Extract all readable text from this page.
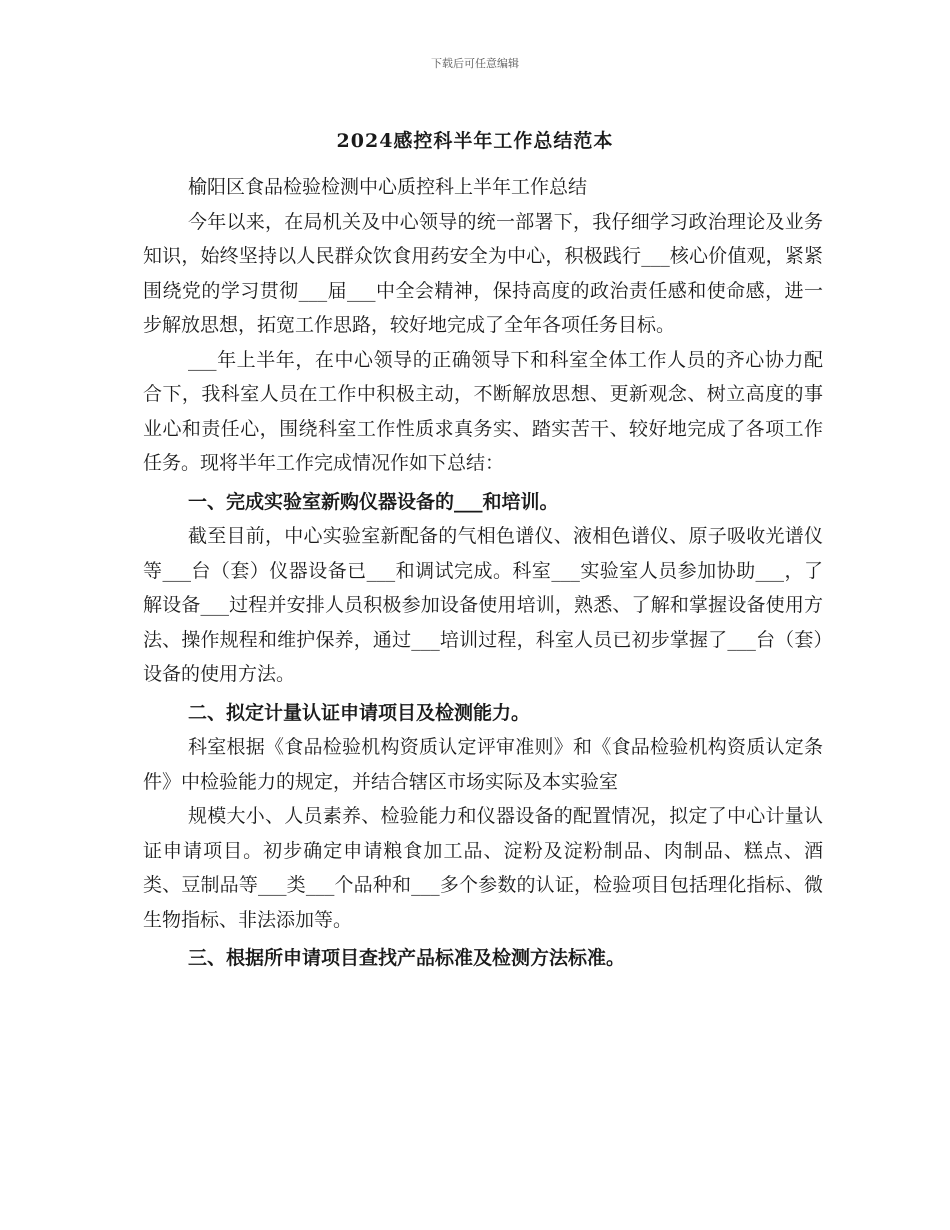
下载后可任意编辑
2024感控科半年工作总结范本

榆阳区食品检验检测中心质控科上半年工作总结

今年以来，在局机关及中心领导的统一部署下，我仔细学习政治理论及业务知识，始终坚持以人民群众饮食用药安全为中心，积极践行___核心价值观，紧紧围绕党的学习贯彻___届___中全会精神，保持高度的政治责任感和使命感，进一步解放思想，拓宽工作思路，较好地完成了全年各项任务目标。

___年上半年，在中心领导的正确领导下和科室全体工作人员的齐心协力配合下，我科室人员在工作中积极主动，不断解放思想、更新观念、树立高度的事业心和责任心，围绕科室工作性质求真务实、踏实苦干、较好地完成了各项工作任务。现将半年工作完成情况作如下总结：

一、完成实验室新购仪器设备的___和培训。

截至目前，中心实验室新配备的气相色谱仪、液相色谱仪、原子吸收光谱仪等___台（套）仪器设备已___和调试完成。科室___实验室人员参加协助___，了解设备___过程并安排人员积极参加设备使用培训，熟悉、了解和掌握设备使用方法、操作规程和维护保养，通过___培训过程，科室人员已初步掌握了___台（套）设备的使用方法。

二、拟定计量认证申请项目及检测能力。

科室根据《食品检验机构资质认定评审准则》和《食品检验机构资质认定条件》中检验能力的规定，并结合辖区市场实际及本实验室

规模大小、人员素养、检验能力和仪器设备的配置情况，拟定了中心计量认证申请项目。初步确定申请粮食加工品、淀粉及淀粉制品、肉制品、糕点、酒类、豆制品等___类___个品种和___多个参数的认证，检验项目包括理化指标、微生物指标、非法添加等。

三、根据所申请项目查找产品标准及检测方法标准。
